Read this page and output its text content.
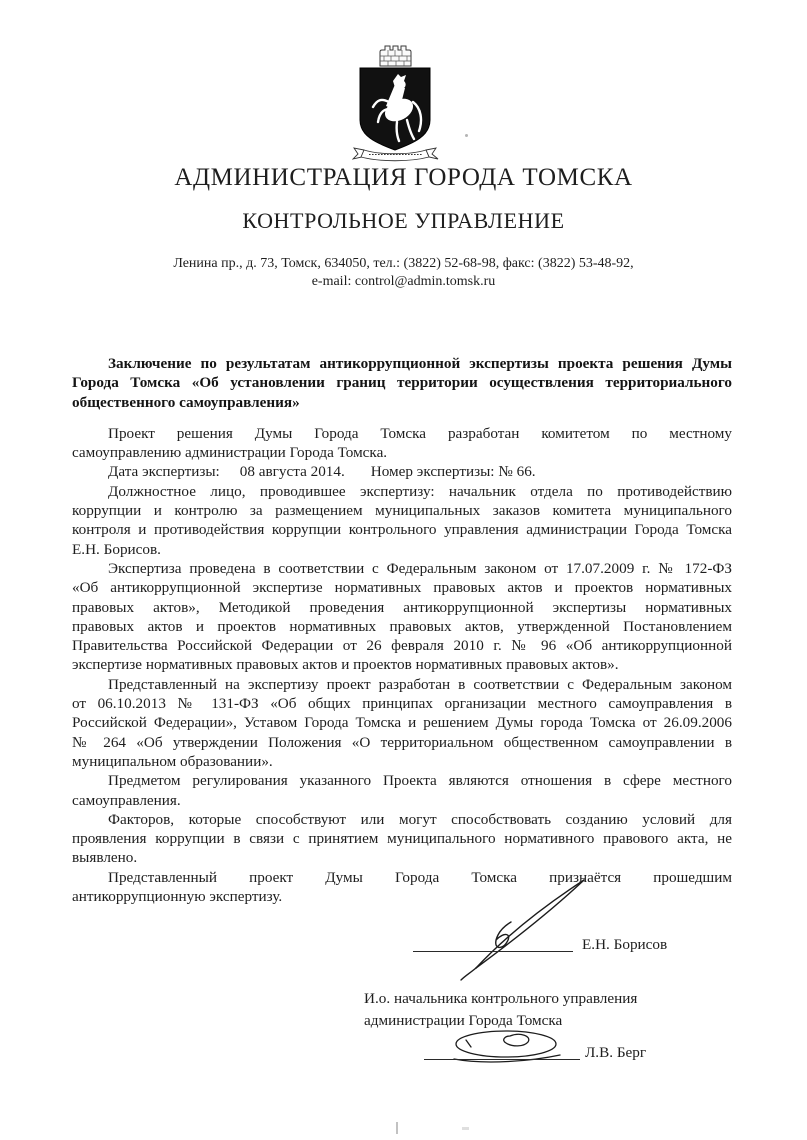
АДМИНИСТРАЦИЯ ГОРОДА ТОМСКА
КОНТРОЛЬНОЕ УПРАВЛЕНИЕ
Ленина пр., д. 73, Томск, 634050, тел.: (3822) 52-68-98, факс: (3822) 53-48-92,
e-mail: control@admin.tomsk.ru
Заключение по результатам антикоррупционной экспертизы проекта решения Думы
Города Томска «Об установлении границ территории осуществления территориального
общественного самоуправления»
Проект решения Думы Города Томска разработан комитетом по местному
самоуправлению администрации Города Томска.
Дата экспертизы: 08 августа 2014. Номер экспертизы: № 66.
Должностное лицо, проводившее экспертизу: начальник отдела по противодействию
коррупции и контролю за размещением муниципальных заказов комитета муниципального
контроля и противодействия коррупции контрольного управления администрации Города Томска
Е.Н. Борисов.
Экспертиза проведена в соответствии с Федеральным законом от 17.07.2009 г. № 172-ФЗ
«Об антикоррупционной экспертизе нормативных правовых актов и проектов нормативных
правовых актов», Методикой проведения антикоррупционной экспертизы нормативных
правовых актов и проектов нормативных правовых актов, утвержденной Постановлением
Правительства Российской Федерации от 26 февраля 2010 г. № 96 «Об антикоррупционной
экспертизе нормативных правовых актов и проектов нормативных правовых актов».
Представленный на экспертизу проект разработан в соответствии с Федеральным законом
от 06.10.2013 № 131-ФЗ «Об общих принципах организации местного самоуправления в
Российской Федерации», Уставом Города Томска и решением Думы города Томска от 26.09.2006
№ 264 «Об утверждении Положения «О территориальном общественном самоуправлении в
муниципальном образовании».
Предметом регулирования указанного Проекта являются отношения в сфере местного
самоуправления.
Факторов, которые способствуют или могут способствовать созданию условий для
проявления коррупции в связи с принятием муниципального нормативного правового акта, не
выявлено.
Представленный проект Думы Города Томска признаётся прошедшим
антикоррупционную экспертизу.
Е.Н. Борисов
И.о. начальника контрольного управления
администрации Города Томска
Л.В. Берг
